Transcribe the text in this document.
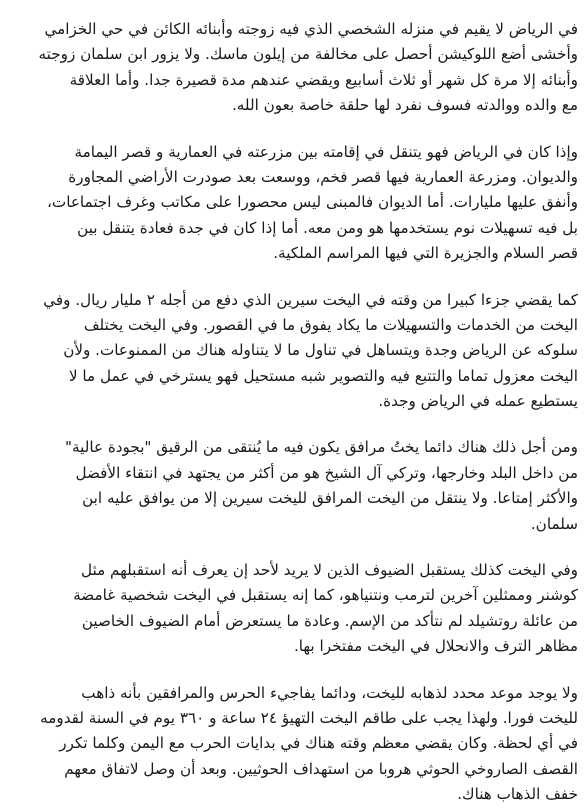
في الرياض لا يقيم في منزله الشخصي الذي فيه زوجته وأبنائه الكائن في حي الخزامي
وأخشى أضع اللوكيشن أحصل على مخالفة من إيلون ماسك. ولا يزور ابن سلمان زوجته
وأبنائه إلا مرة كل شهر أو ثلاث أسابيع ويقضي عندهم مدة قصيرة جدا. وأما العلاقة
مع والده ووالدته فسوف نفرد لها حلقة خاصة بعون الله.

وإذا كان في الرياض فهو يتنقل في إقامته بين مزرعته في العمارية و قصر اليمامة
والديوان. ومزرعة العمارية فيها قصر فخم، ووسعت بعد صودرت الأراضي المجاورة
وأنفق عليها مليارات. أما الديوان فالمبنى ليس محصورا على مكاتب وغرف اجتماعات،
بل فيه تسهيلات نوم يستخدمها هو ومن معه. أما إذا كان في جدة فعادة يتنقل بين
قصر السلام والجزيرة التي فيها المراسم الملكية.

كما يقضي جزءا كبيرا من وقته في اليخت سيرين الذي دفع من أجله ٢ مليار ريال. وفي
اليخت من الخدمات والتسهيلات ما يكاد يفوق ما في القصور. وفي اليخت يختلف
سلوكه عن الرياض وجدة ويتساهل في تناول ما لا يتناوله هناك من الممنوعات. ولأن
اليخت معزول تماما والتتبع فيه والتصوير شبه مستحيل فهو يسترخي في عمل ما لا
يستطيع عمله في الرياض وجدة.

ومن أجل ذلك هناك دائما يختُ مرافق يكون فيه ما يُنتقى من الرقيق "بجودة عالية"
من داخل البلد وخارجها، وتركي آل الشيخ هو من أكثر من يجتهد في انتقاء الأفضل
والأكثر إمتاعا. ولا ينتقل من اليخت المرافق لليخت سيرين إلا من يوافق عليه ابن
سلمان.

وفي اليخت كذلك يستقبل الضيوف الذين لا يريد لأحد إن يعرف أنه استقبلهم مثل
كوشنر وممثلين آخرين لترمب ونتنياهو، كما إنه يستقبل في اليخت شخصية غامضة
من عائلة روتشيلد لم نتأكد من الإسم. وعادة ما يستعرض أمام الضيوف الخاصين
مظاهر الترف والانحلال في اليخت مفتخرا بها.

ولا يوجد موعد محدد لذهابه لليخت، ودائما يفاجيء الحرس والمرافقين بأنه ذاهب
لليخت فورا. ولهذا يجب على طاقم اليخت التهيؤ ٢٤ ساعة و ٣٦٠ يوم في السنة لقدومه
في أي لحظة. وكان يقضي معظم وقته هناك في بدايات الحرب مع اليمن وكلما تكرر
القصف الصاروخي الحوثي هروبا من استهداف الحوثيين. وبعد أن وصل لاتفاق معهم
خفف الذهاب هناك.
